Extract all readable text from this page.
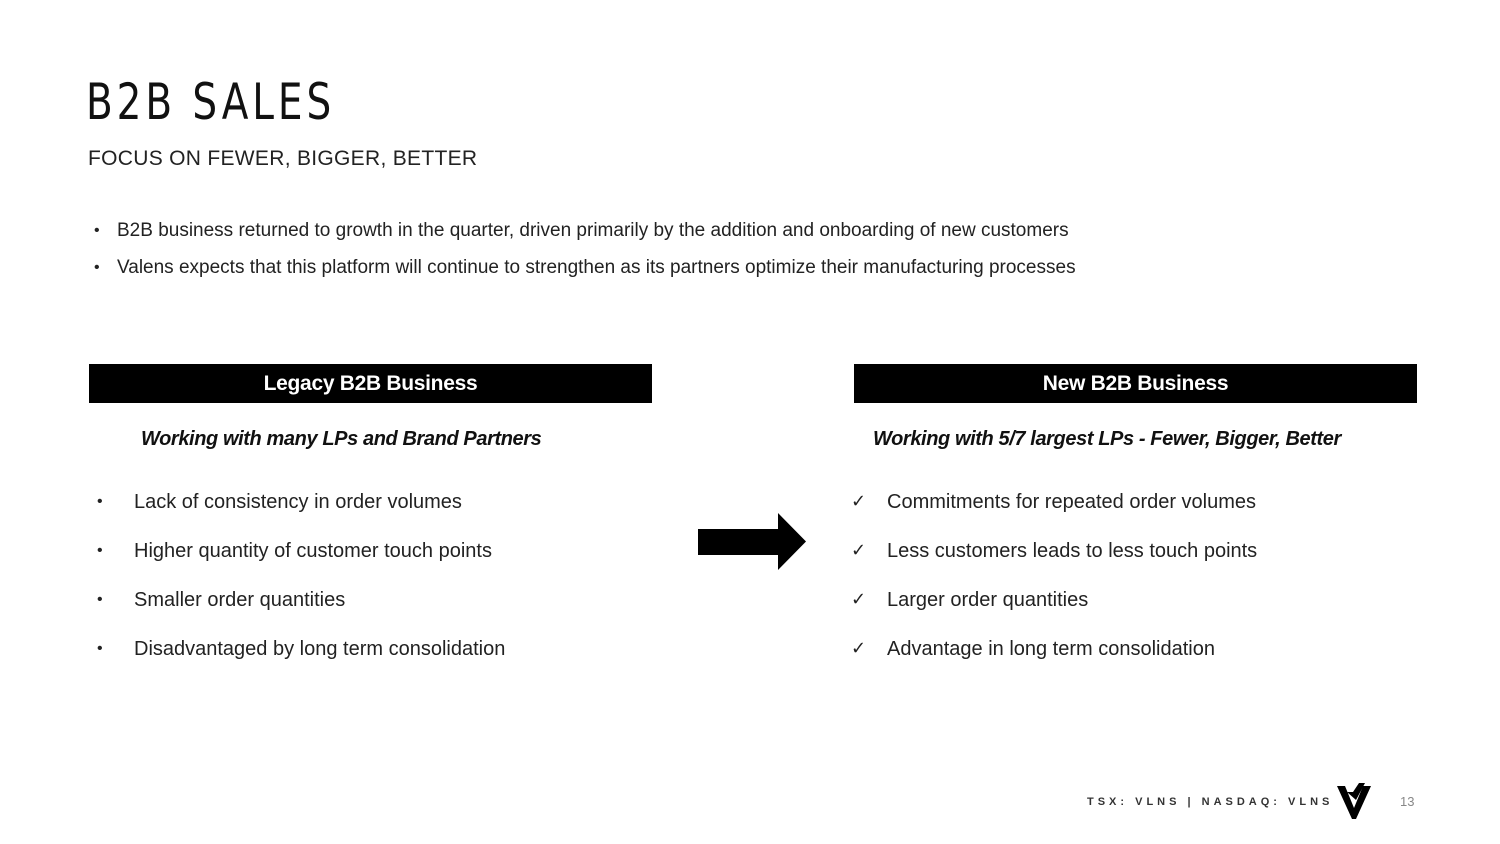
B2B SALES
FOCUS ON FEWER, BIGGER, BETTER
• B2B business returned to growth in the quarter, driven primarily by the addition and onboarding of new customers
• Valens expects that this platform will continue to strengthen as its partners optimize their manufacturing processes
Legacy B2B Business
Working with many LPs and Brand Partners
• Lack of consistency in order volumes
• Higher quantity of customer touch points
• Smaller order quantities
• Disadvantaged by long term consolidation
New B2B Business
Working with 5/7 largest LPs - Fewer, Bigger, Better
✓ Commitments for repeated order volumes
✓ Less customers leads to less touch points
✓ Larger order quantities
✓ Advantage in long term consolidation
TSX: VLNS | NASDAQ: VLNS	13
